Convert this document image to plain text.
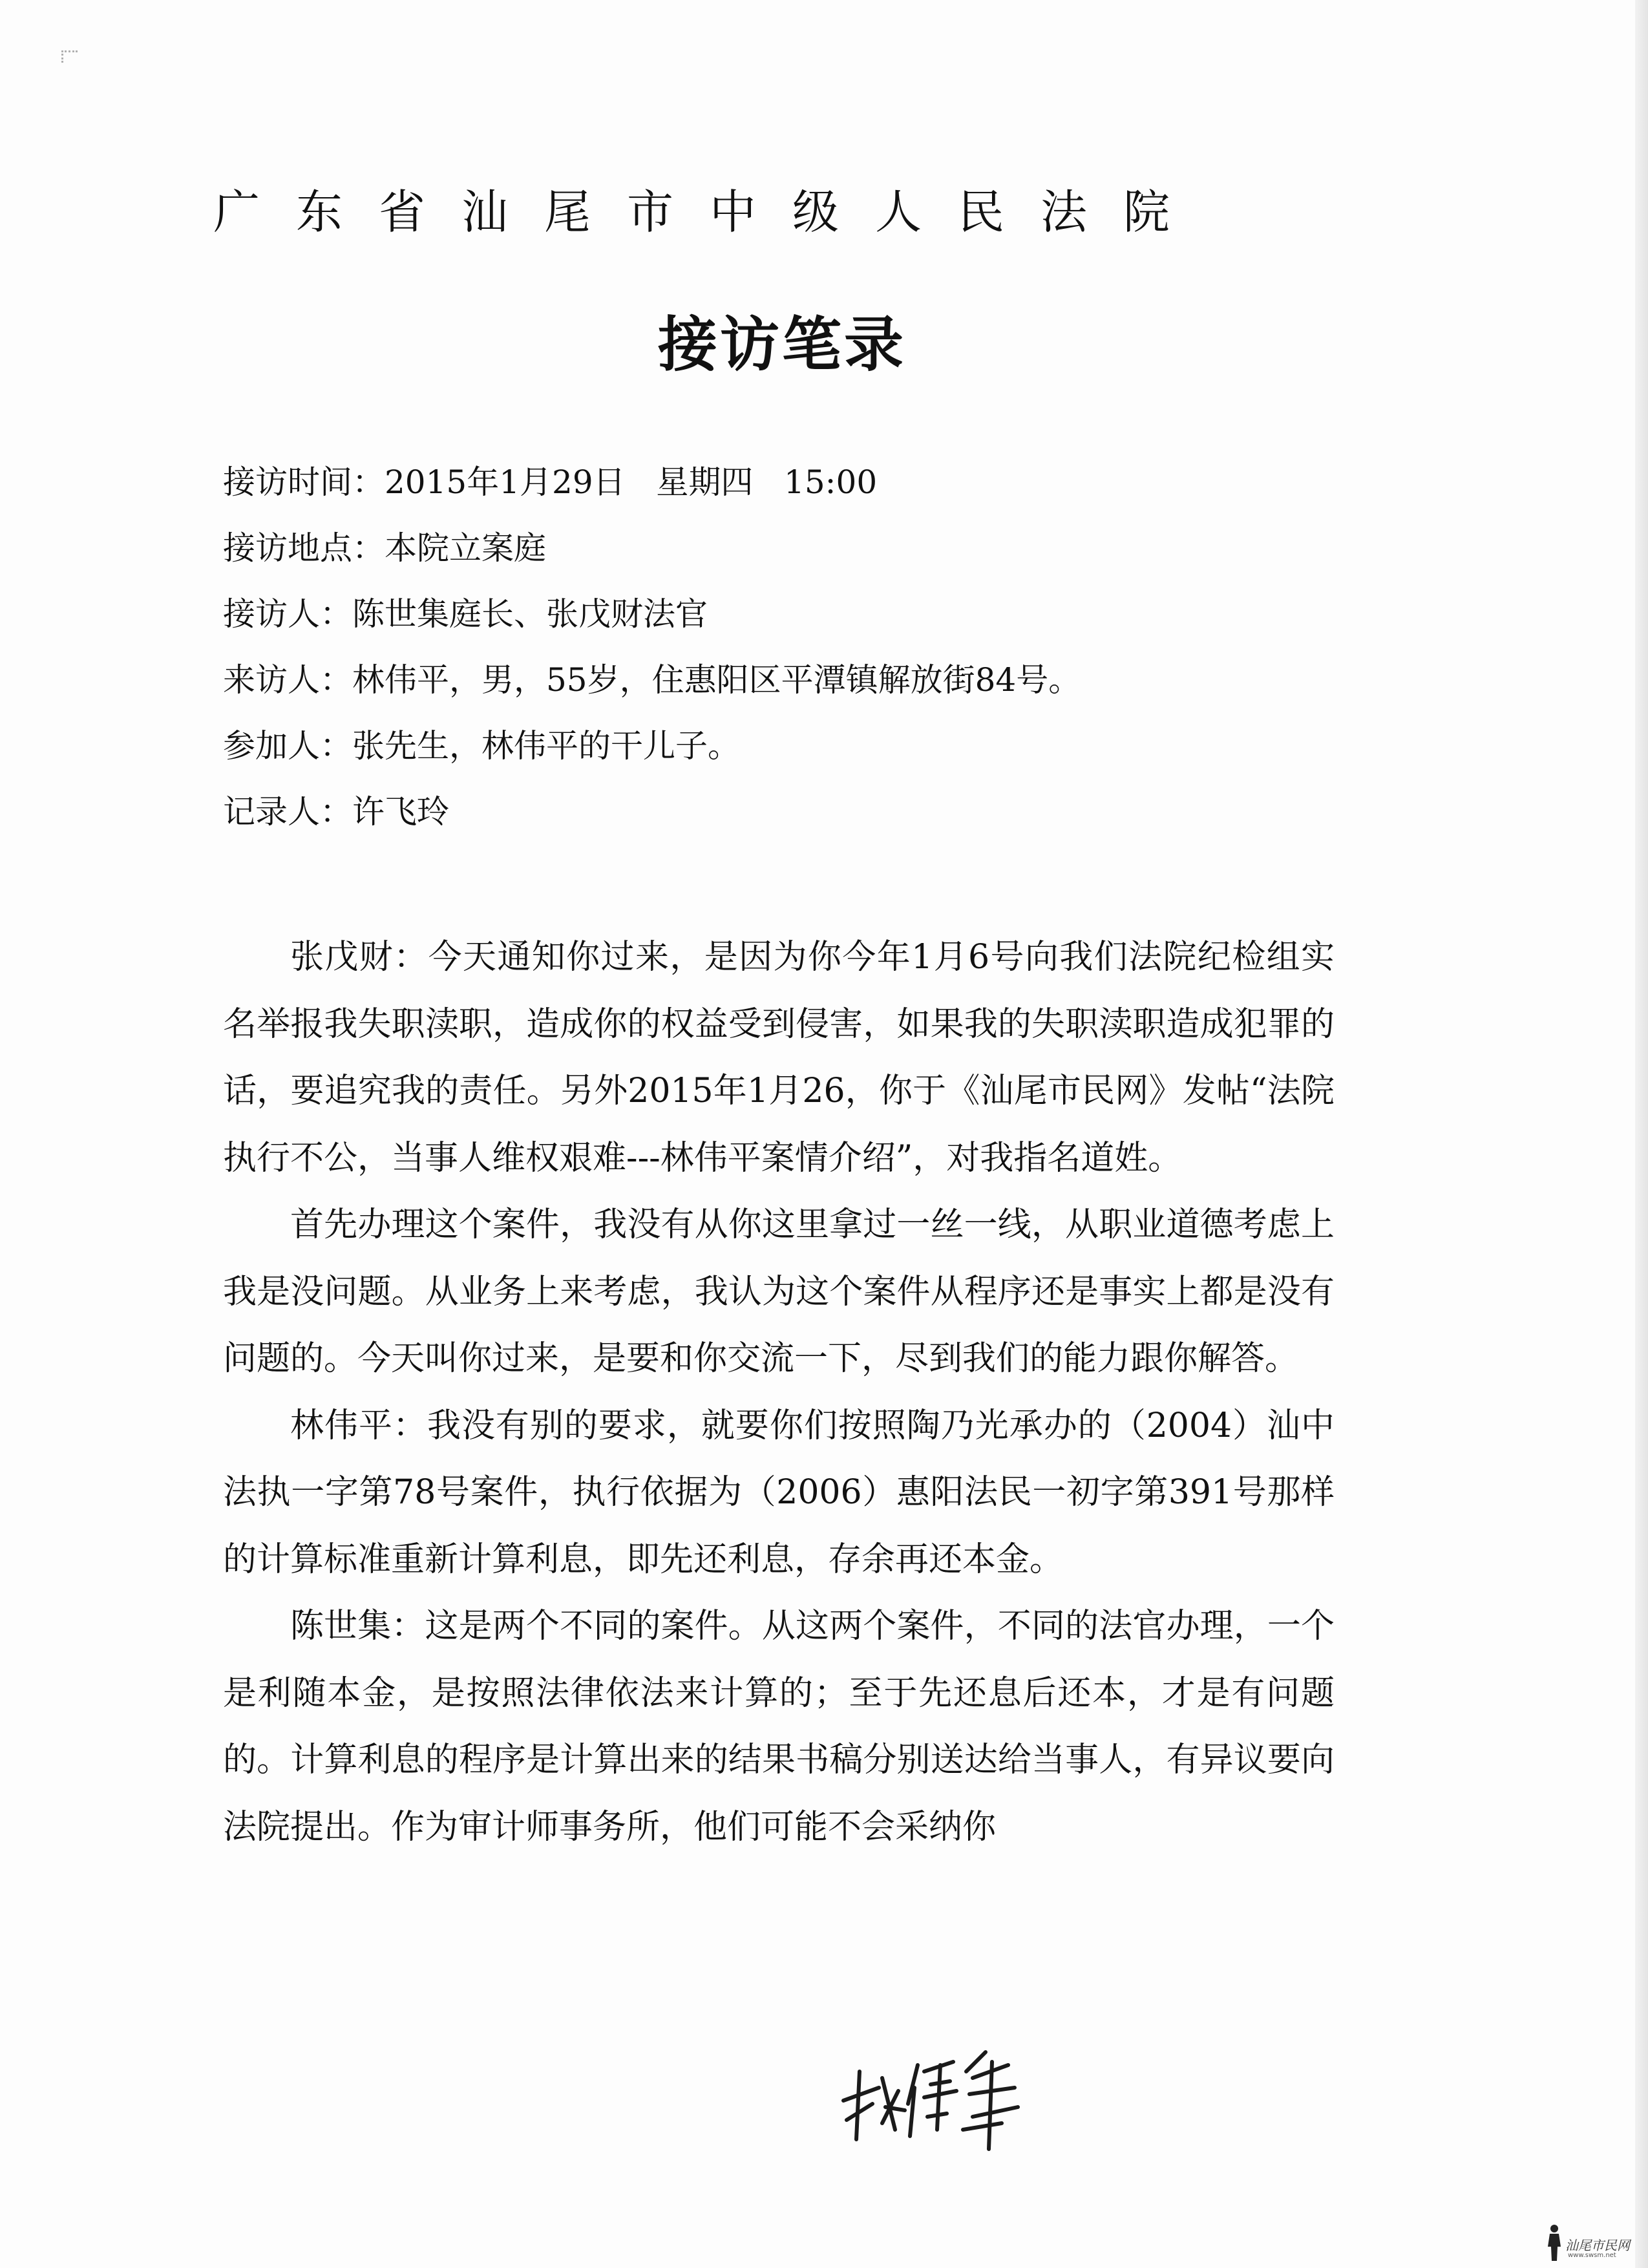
广东省汕尾市中级人民法院
接访笔录
接访时间：2015年1月29日   星期四   15:00
接访地点：本院立案庭
接访人：陈世集庭长、张戊财法官
来访人：林伟平，男，55岁，住惠阳区平潭镇解放街84号。
参加人：张先生，林伟平的干儿子。
记录人：许飞玲

张戊财：今天通知你过来，是因为你今年1月6号向我们法院纪检组实名举报我失职渎职，造成你的权益受到侵害，如果我的失职渎职造成犯罪的话，要追究我的责任。另外2015年1月26，你于《汕尾市民网》发帖“法院执行不公，当事人维权艰难---林伟平案情介绍”，对我指名道姓。

首先办理这个案件，我没有从你这里拿过一丝一线，从职业道德考虑上我是没问题。从业务上来考虑，我认为这个案件从程序还是事实上都是没有问题的。今天叫你过来，是要和你交流一下，尽到我们的能力跟你解答。

林伟平：我没有别的要求，就要你们按照陶乃光承办的（2004）汕中法执一字第78号案件，执行依据为（2006）惠阳法民一初字第391号那样的计算标准重新计算利息，即先还利息，存余再还本金。

陈世集：这是两个不同的案件。从这两个案件，不同的法官办理，一个是利随本金，是按照法律依法来计算的；至于先还息后还本，才是有问题的。计算利息的程序是计算出来的结果书稿分别送达给当事人，有异议要向法院提出。作为审计师事务所，他们可能不会采纳你

汕尾市民网
www.swsm.net
